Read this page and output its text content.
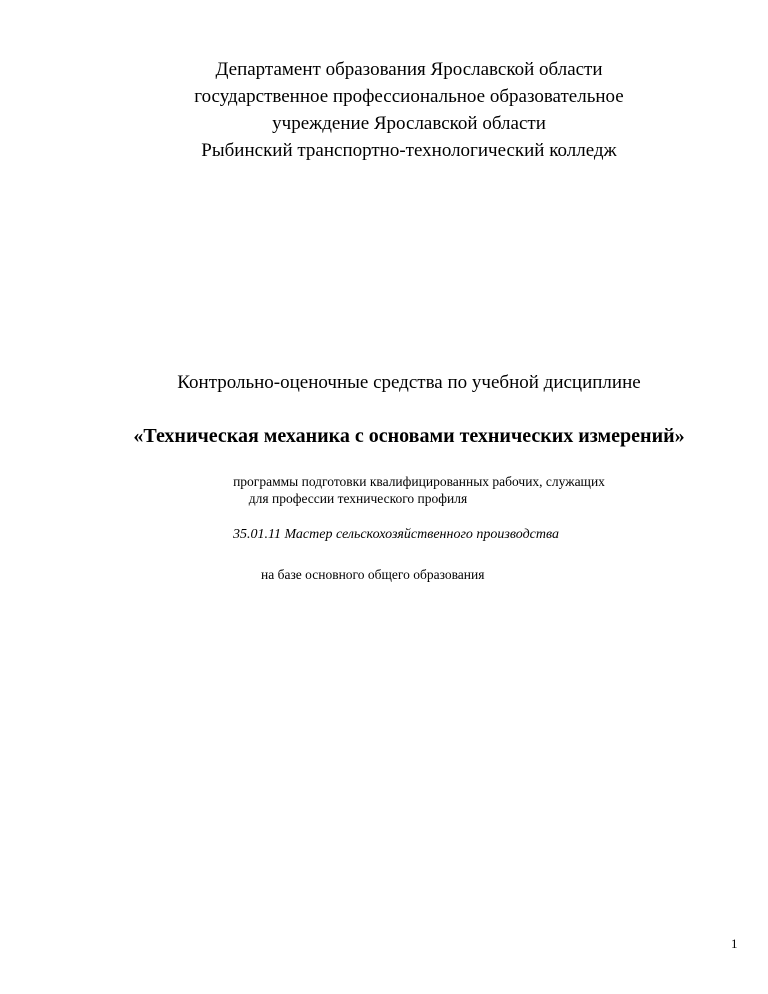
Департамент образования Ярославской области
государственное профессиональное образовательное
учреждение Ярославской области
Рыбинский транспортно-технологический колледж
Контрольно-оценочные средства по учебной дисциплине
«Техническая механика с основами технических измерений»
программы подготовки квалифицированных рабочих, служащих
для профессии технического профиля
35.01.11 Мастер сельскохозяйственного производства
на базе основного общего образования
1
